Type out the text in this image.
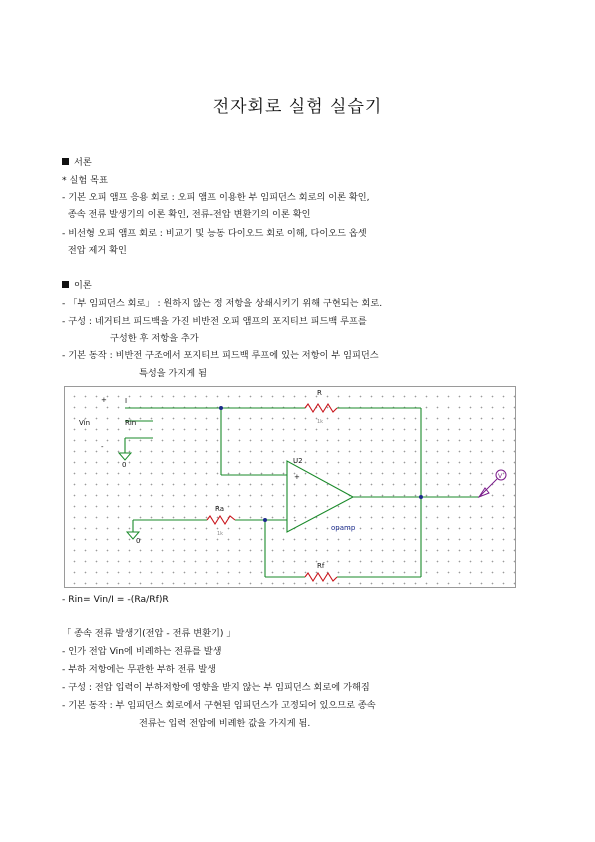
전자회로 실험 실습기
서론
* 실험 목표
- 기본 오피 앰프 응용 회로 : 오피 앰프 이용한 부 임피던스 회로의 이론 확인,
종속 전류 발생기의 이론 확인, 전류-전압 변환기의 이론 확인
- 비선형 오피 앰프 회로 : 비교기 및 능동 다이오드 회로 이해, 다이오드 옵셋
전압 제거 확인
이론
- 「부 임피던스 회로」 : 원하지 않는 정 저항을 상쇄시키기 위해 구현되는 회로.
- 구성 : 네거티브 피드백을 가진 비반전 오피 앰프의 포지티브 피드백 루프를
구성한 후 저항을 추가
- 기본 동작 : 비반전 구조에서 포지티브 피드백 루프에 있는 저항이 부 임피던스
특성을 가지게 됨
Vin
+
-
I
Rin
R
1k
Ra
1k
Rf
U2
+
-
opamp
0
0
V
- Rin= Vin/I = -(Ra/Rf)R
「 종속 전류 발생기(전압 - 전류 변환기) 」
- 인가 전압 Vin에 비례하는 전류를 발생
- 부하 저항에는 무관한 부하 전류 발생
- 구성 : 전압 입력이 부하저항에 영향을 받지 않는 부 임피던스 회로에 가해짐
- 기본 동작 : 부 임피던스 회로에서 구현된 임피던스가 고정되어 있으므로 종속
전류는 입력 전압에 비례한 값을 가지게 됨.
